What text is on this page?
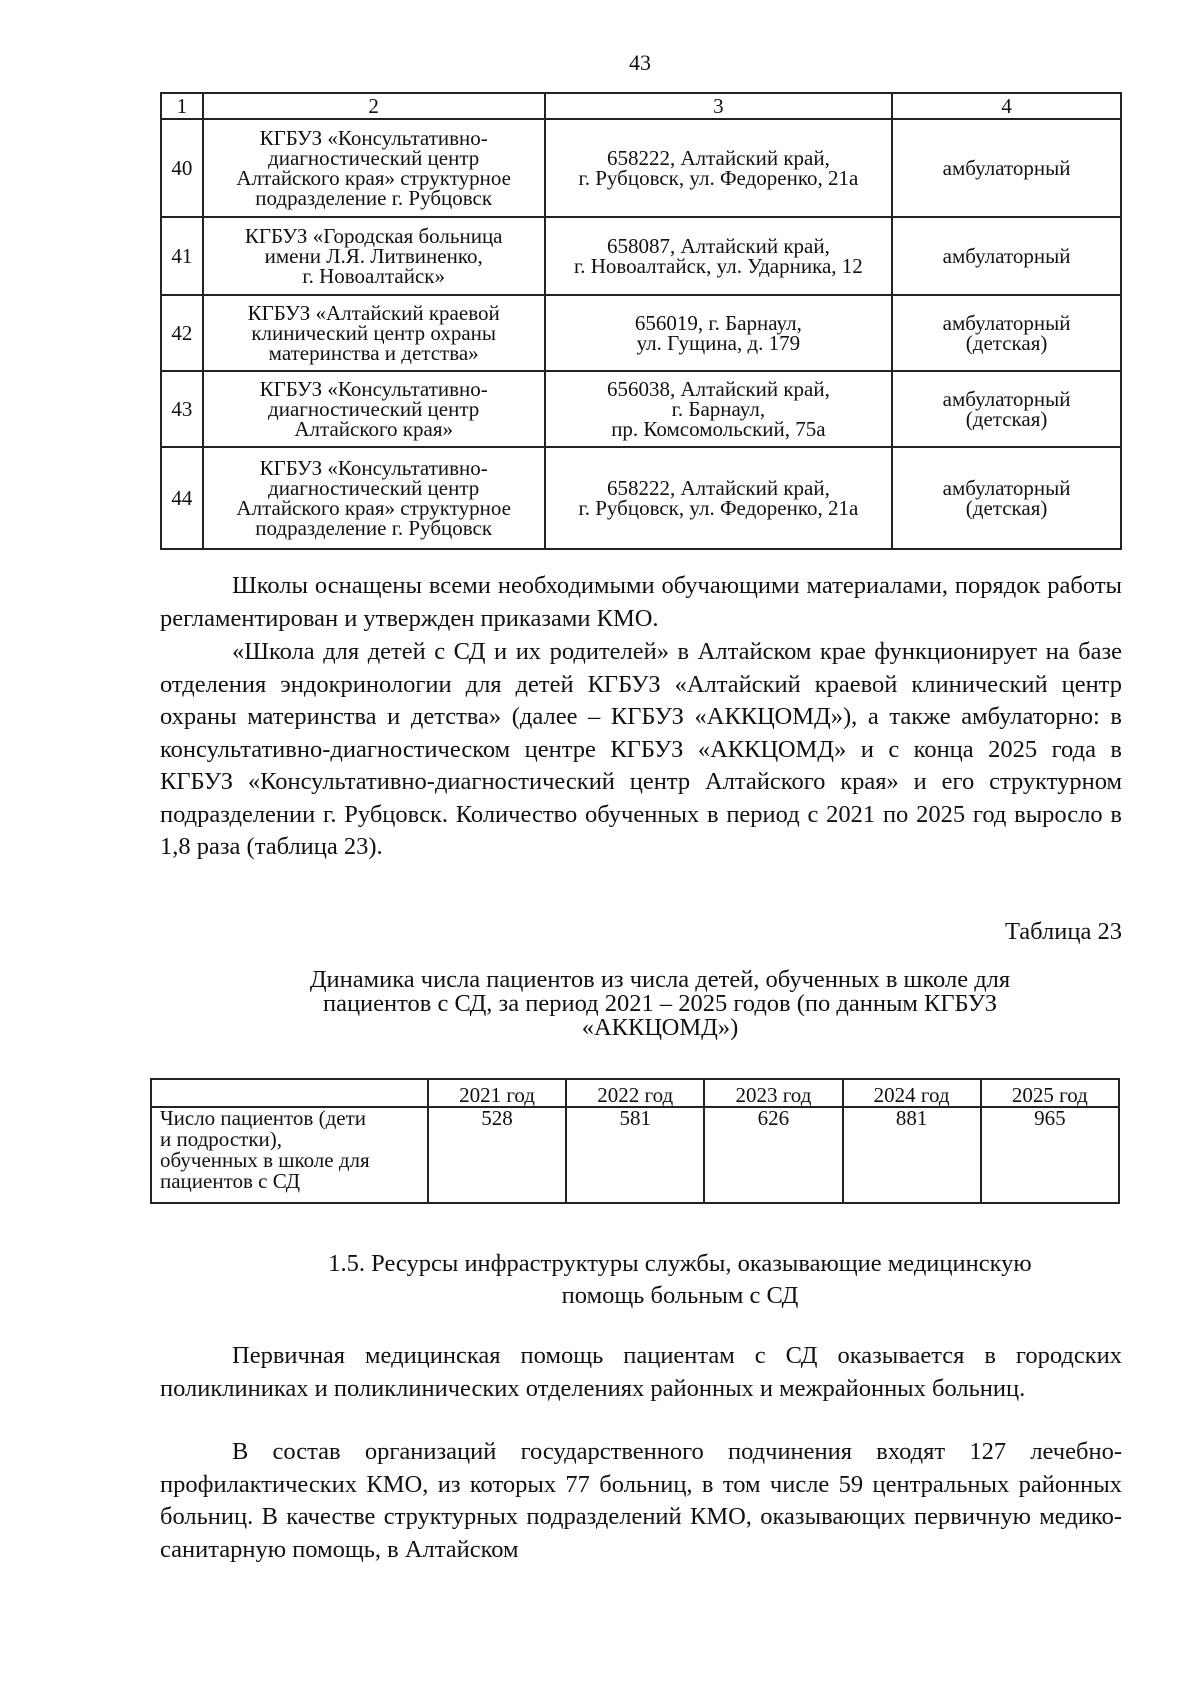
43
1	2	3	4
40	КГБУЗ «Консультативно-
диагностический центр
Алтайского края» структурное
подразделение г. Рубцовск	658222, Алтайский край,
г. Рубцовск, ул. Федоренко, 21а	амбулаторный

41	КГБУЗ «Городская больница
имени Л.Я. Литвиненко,
г. Новоалтайск»	658087, Алтайский край,
г. Новоалтайск, ул. Ударника, 12	амбулаторный

42	КГБУЗ «Алтайский краевой
клинический центр охраны
материнства и детства»	656019, г. Барнаул,
ул. Гущина, д. 179	амбулаторный
(детская)

43	КГБУЗ «Консультативно-
диагностический центр
Алтайского края»	656038, Алтайский край,
г. Барнаул,
пр. Комсомольский, 75а	амбулаторный
(детская)

44	КГБУЗ «Консультативно-
диагностический центр
Алтайского края» структурное
подразделение г. Рубцовск	658222, Алтайский край,
г. Рубцовск, ул. Федоренко, 21а	амбулаторный
(детская)

Школы оснащены всеми необходимыми обучающими материалами, порядок работы регламентирован и утвержден приказами КМО.

«Школа для детей с СД и их родителей» в Алтайском крае функционирует на базе отделения эндокринологии для детей КГБУЗ «Алтайский краевой клинический центр охраны материнства и детства» (далее – КГБУЗ «АККЦОМД»), а также амбулаторно: в консультативно-диагностическом центре КГБУЗ «АККЦОМД» и с конца 2025 года в КГБУЗ «Консультативно-диагностический центр Алтайского края» и его структурном подразделении г. Рубцовск. Количество обученных в период с 2021 по 2025 год выросло в 1,8 раза (таблица 23).

Таблица 23
Динамика числа пациентов из числа детей, обученных в школе для
пациентов с СД, за период 2021 – 2025 годов (по данным КГБУЗ
«АККЦОМД»)
	2021 год	2022 год	2023 год	2024 год	2025 год

Число пациентов (дети
и подростки),
обученных в школе для
пациентов с СД	528	581	626	881	965
1.5. Ресурсы инфраструктуры службы, оказывающие медицинскую
помощь больным с СД

Первичная медицинская помощь пациентам с СД оказывается в городских поликлиниках и поликлинических отделениях районных и межрайонных больниц.

В состав организаций государственного подчинения входят 127 лечебно-профилактических КМО, из которых 77 больниц, в том числе 59 центральных районных больниц. В качестве структурных подразделений КМО, оказывающих первичную медико-санитарную помощь, в Алтайском
